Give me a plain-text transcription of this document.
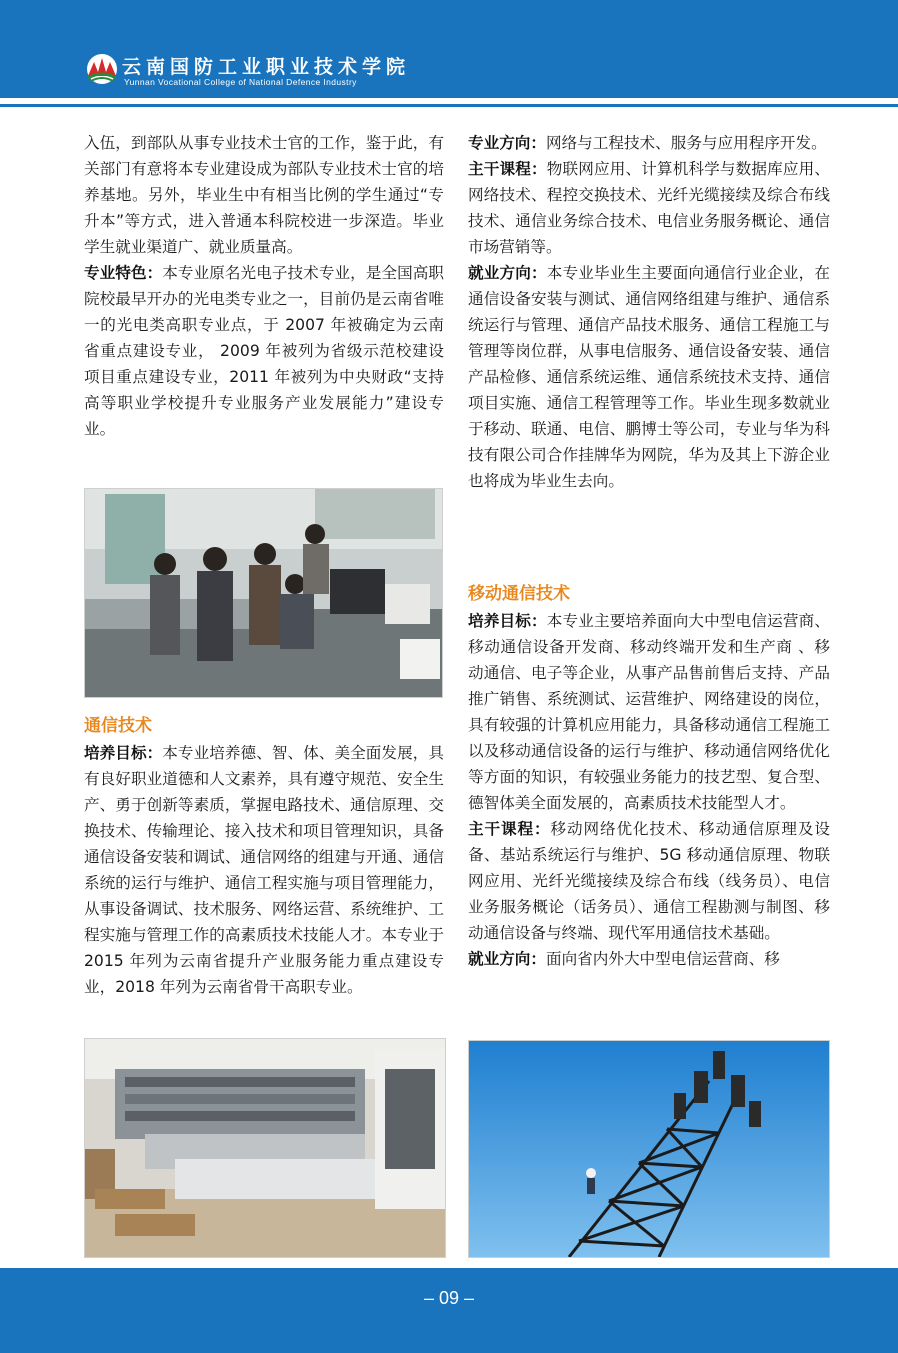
云南国防工业职业技术学院
Yunnan Vocational College of National Defence Industry

入伍，到部队从事专业技术士官的工作，鉴于此，有关部门有意将本专业建设成为部队专业技术士官的培养基地。另外，毕业生中有相当比例的学生通过“专升本”等方式，进入普通本科院校进一步深造。毕业学生就业渠道广、就业质量高。

专业特色：本专业原名光电子技术专业，是全国高职院校最早开办的光电类专业之一，目前仍是云南省唯一的光电类高职专业点，于 2007 年被确定为云南省重点建设专业， 2009 年被列为省级示范校建设项目重点建设专业，2011 年被列为中央财政“支持高等职业学校提升专业服务产业发展能力”建设专业。

通信技术

培养目标：本专业培养德、智、体、美全面发展，具有良好职业道德和人文素养，具有遵守规范、安全生产、勇于创新等素质，掌握电路技术、通信原理、交换技术、传输理论、接入技术和项目管理知识，具备通信设备安装和调试、通信网络的组建与开通、通信系统的运行与维护、通信工程实施与项目管理能力，从事设备调试、技术服务、网络运营、系统维护、工程实施与管理工作的高素质技术技能人才。本专业于 2015 年列为云南省提升产业服务能力重点建设专业，2018 年列为云南省骨干高职专业。

专业方向：网络与工程技术、服务与应用程序开发。

主干课程：物联网应用、计算机科学与数据库应用、网络技术、程控交换技术、光纤光缆接续及综合布线技术、通信业务综合技术、电信业务服务概论、通信市场营销等。

就业方向：本专业毕业生主要面向通信行业企业，在通信设备安装与测试、通信网络组建与维护、通信系统运行与管理、通信产品技术服务、通信工程施工与管理等岗位群，从事电信服务、通信设备安装、通信产品检修、通信系统运维、通信系统技术支持、通信项目实施、通信工程管理等工作。毕业生现多数就业于移动、联通、电信、鹏博士等公司，专业与华为科技有限公司合作挂牌华为网院，华为及其上下游企业也将成为毕业生去向。

移动通信技术

培养目标：本专业主要培养面向大中型电信运营商、移动通信设备开发商、移动终端开发和生产商 、移动通信、电子等企业，从事产品售前售后支持、产品推广销售、系统测试、运营维护、网络建设的岗位，具有较强的计算机应用能力，具备移动通信工程施工以及移动通信设备的运行与维护、移动通信网络优化等方面的知识，有较强业务能力的技艺型、复合型、德智体美全面发展的，高素质技术技能型人才。

主干课程：移动网络优化技术、移动通信原理及设备、基站系统运行与维护、5G 移动通信原理、物联网应用、光纤光缆接续及综合布线（线务员）、电信业务服务概论（话务员）、通信工程勘测与制图、移动通信设备与终端、现代军用通信技术基础。

就业方向：面向省内外大中型电信运营商、移

– 09 –
